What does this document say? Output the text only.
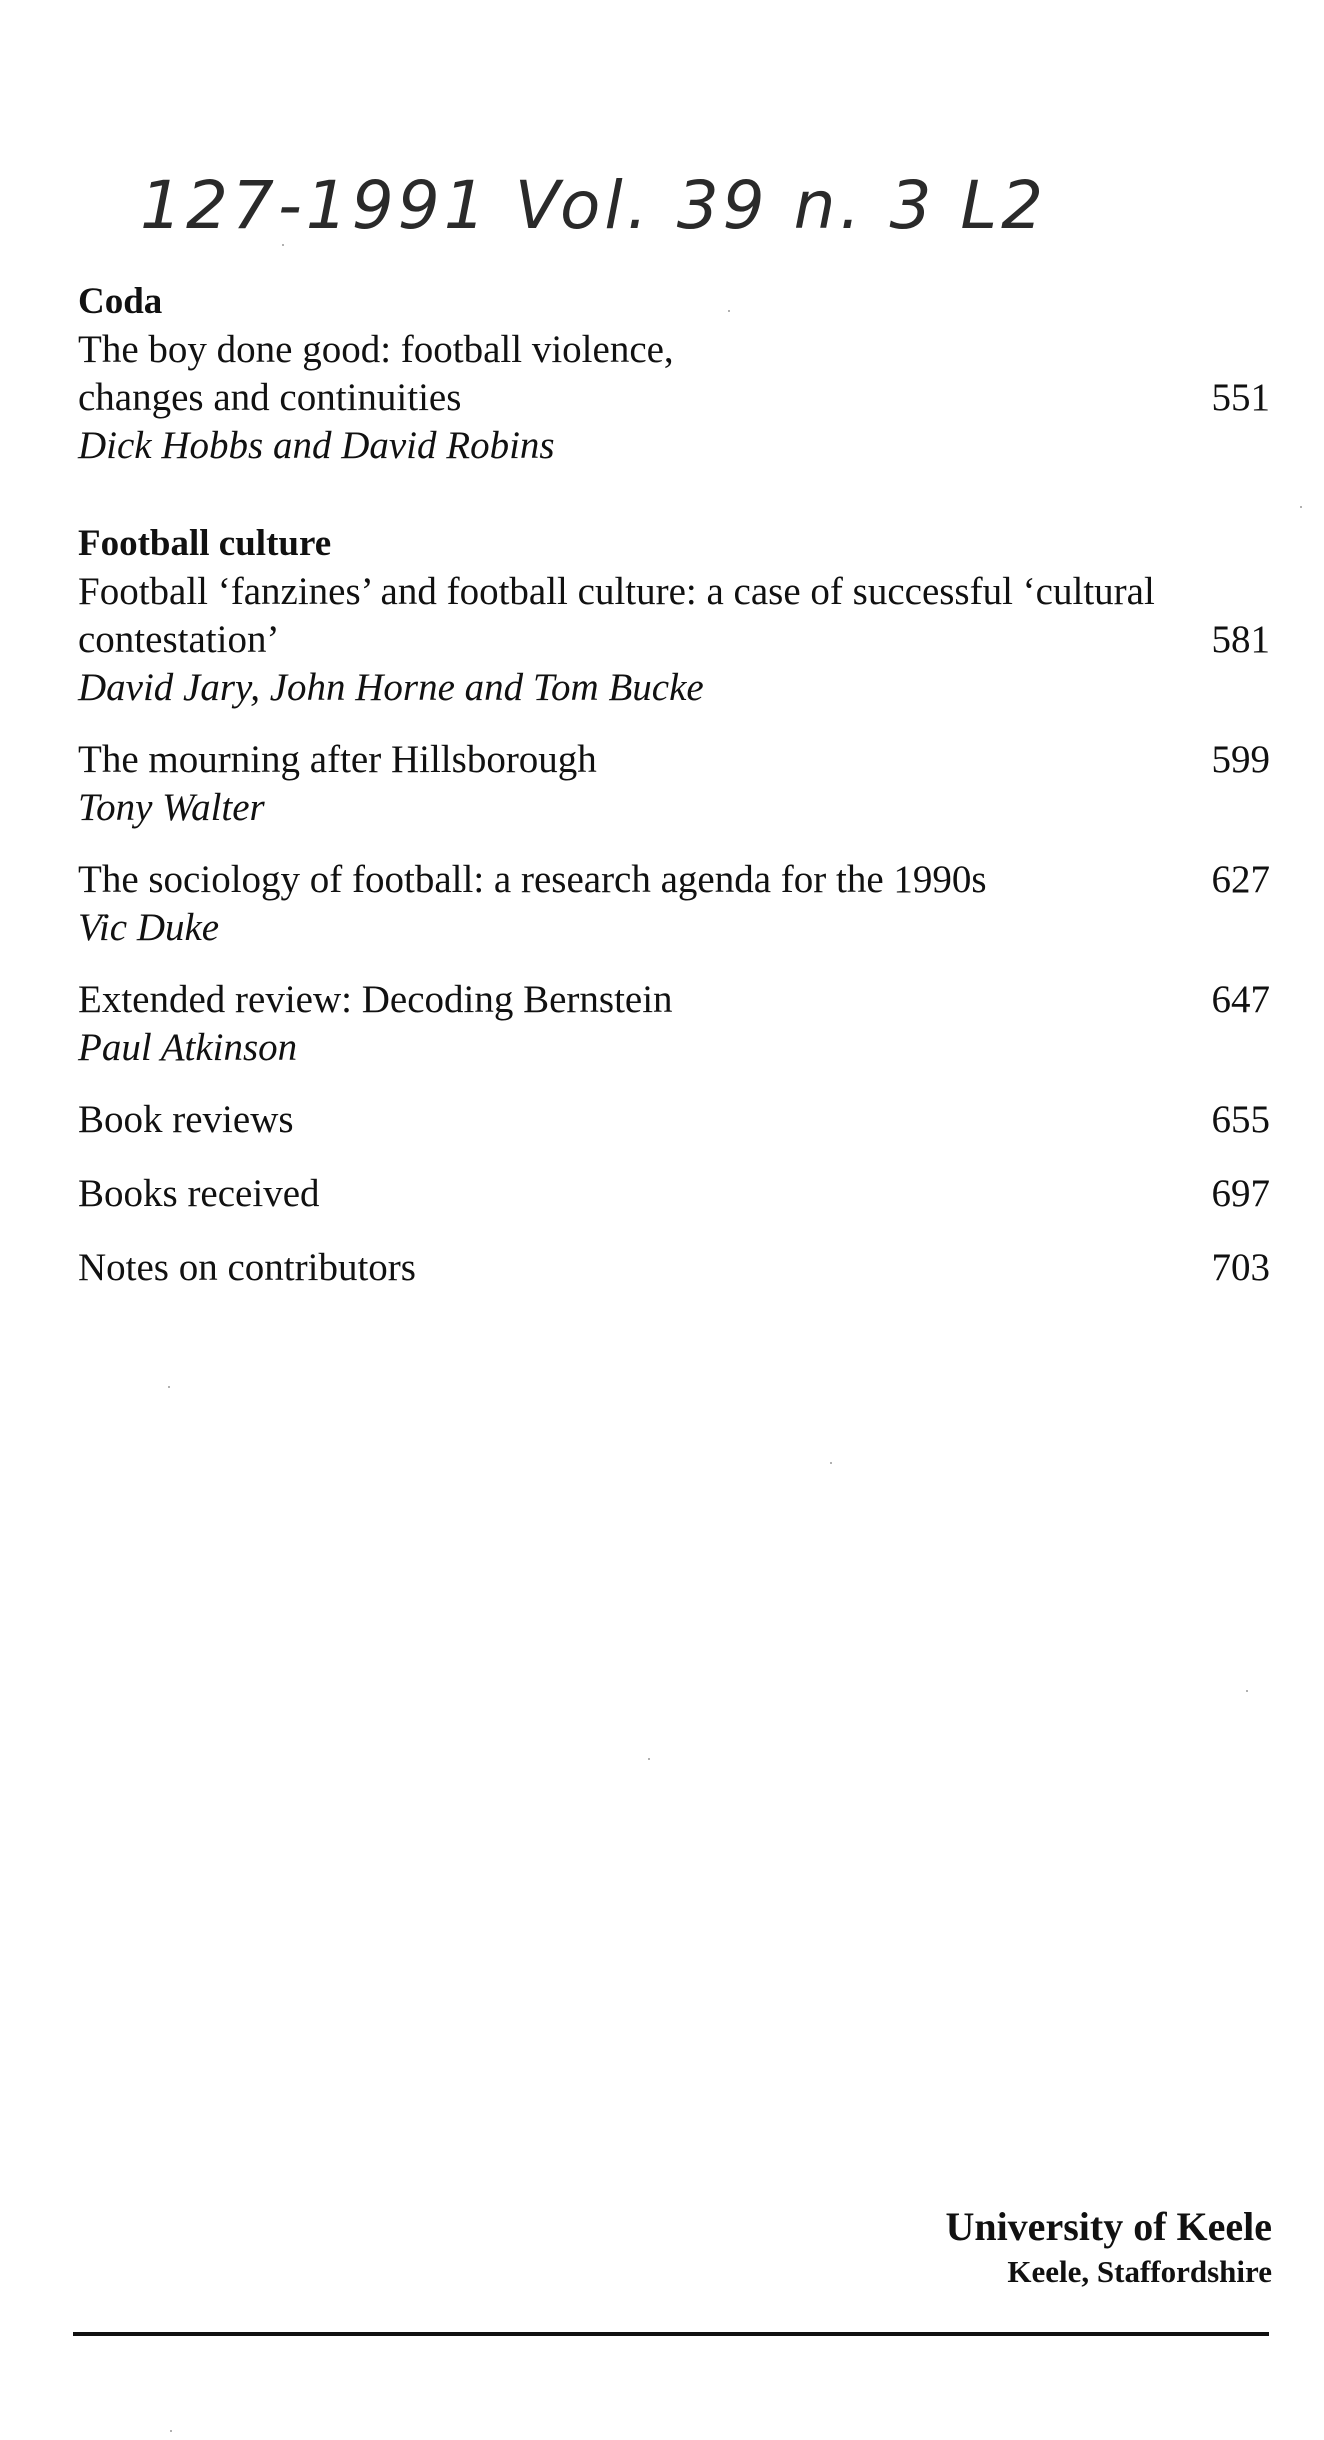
127-1991 Vol. 39 n. 3 L2

Coda

The boy done good: football violence, changes and continuities	551

Dick Hobbs and David Robins

Football culture

Football ‘fanzines’ and football culture: a case of successful ‘cultural contestation’	581

David Jary, John Horne and Tom Bucke

The mourning after Hillsborough	599

Tony Walter

The sociology of football: a research agenda for the 1990s	627

Vic Duke

Extended review: Decoding Bernstein	647

Paul Atkinson

Book reviews	655

Books received	697

Notes on contributors	703

University of Keele

Keele, Staffordshire
